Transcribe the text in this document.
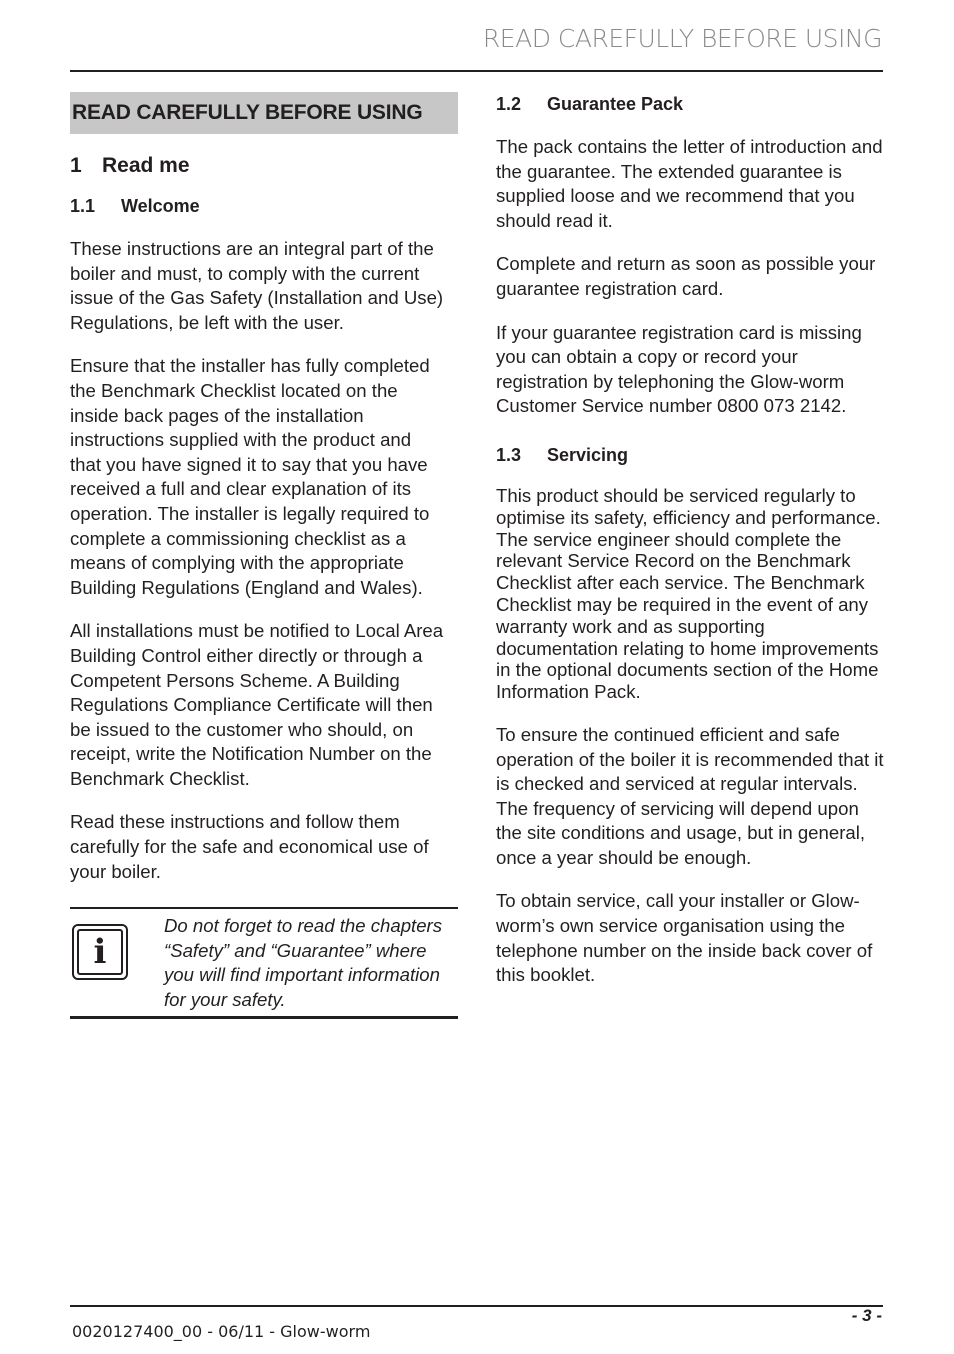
READ CAREFULLY BEFORE USING
READ CAREFULLY BEFORE USING
1 Read me
1.1 Welcome

These instructions are an integral part of the boiler and must, to comply with the current issue of the Gas Safety (Installation and Use) Regulations, be left with the user.

Ensure that the installer has fully completed the Benchmark Checklist located on the inside back pages of the installation instructions supplied with the product and that you have signed it to say that you have received a full and clear explanation of its operation. The installer is legally required to complete a commissioning checklist as a means of complying with the appropriate Building Regulations (England and Wales).

All installations must be notified to Local Area Building Control either directly or through a Competent Persons Scheme. A Building Regulations Compliance Certificate will then be issued to the customer who should, on receipt, write the Notification Number on the Benchmark Checklist.

Read these instructions and follow them carefully for the safe and economical use of your boiler.

i
Do not forget to read the chapters “Safety” and “Guarantee” where you will find important information for your safety.
1.2 Guarantee Pack

The pack contains the letter of introduction and the guarantee. The extended guarantee is supplied loose and we recommend that you should read it.

Complete and return as soon as possible your guarantee registration card.

If your guarantee registration card is missing you can obtain a copy or record your registration by telephoning the Glow-worm Customer Service number 0800 073 2142.

1.3 Servicing

This product should be serviced regularly to optimise its safety, efficiency and performance. The service engineer should complete the relevant Service Record on the Benchmark Checklist after each service. The Benchmark Checklist may be required in the event of any warranty work and as supporting documentation relating to home improvements in the optional documents section of the Home Information Pack.

To ensure the continued efficient and safe operation of the boiler it is recommended that it is checked and serviced at regular intervals. The frequency of servicing will depend upon the site conditions and usage, but in general, once a year should be enough.

To obtain service, call your installer or Glow-worm’s own service organisation using the telephone number on the inside back cover of this booklet.

- 3 -
0020127400_00 - 06/11 - Glow-worm
